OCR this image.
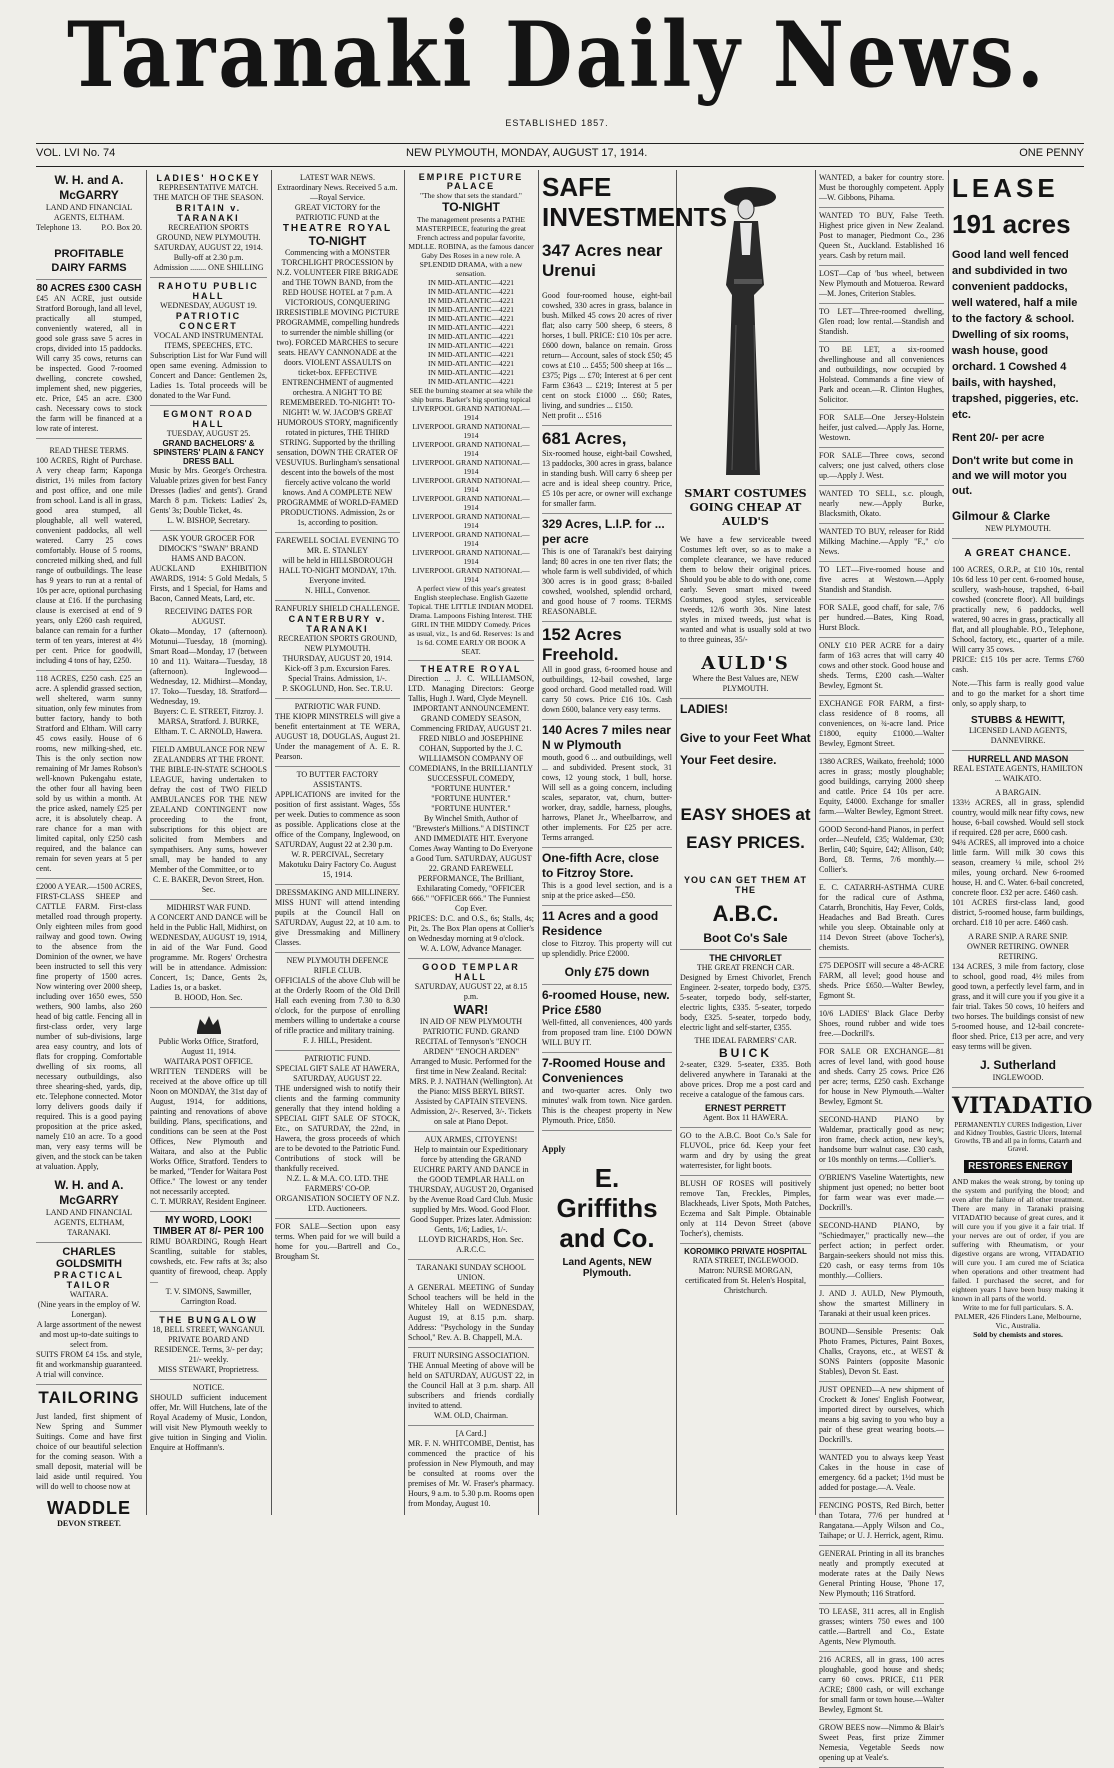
Taranaki Daily News.
ESTABLISHED 1857.
VOL. LVI No. 74	NEW PLYMOUTH, MONDAY, AUGUST 17, 1914.	ONE PENNY

W. H. and A. McGARRY

LAND AND FINANCIAL AGENTS, ELTHAM.

Telephone 13.	P.O. Box 20.

PROFITABLE DAIRY FARMS

80 ACRES £300 CASH

£45 AN ACRE, just outside Stratford Borough, land all level, practically all stumped, conveniently watered, all in good sole grass save 5 acres in crops, divided into 15 paddocks. Will carry 35 cows, returns can be inspected. Good 7-roomed dwelling, concrete cowshed, implement shed, new piggeries, etc. Price, £45 an acre. £300 cash. Necessary cows to stock the farm will be financed at a low rate of interest.

READ THESE TERMS.

100 ACRES, Right of Purchase. A very cheap farm; Kaponga district, 1½ miles from factory and post office, and one mile from school. Land is all in grass, good area stumped, all ploughable, all well watered, convenient paddocks, all well watered. Carry 25 cows comfortably. House of 5 rooms, concreted milking shed, and full range of outbuildings. The lease has 9 years to run at a rental of 10s per acre, optional purchasing clause at £16. If the purchasing clause is exercised at end of 9 years, only £260 cash required, balance can remain for a further term of ten years, interest at 4½ per cent. Price for goodwill, including 4 tons of hay, £250.

118 ACRES, £250 cash. £25 an acre. A splendid grassed section, well sheltered, warm sunny situation, only few minutes from butter factory, handy to both Stratford and Eltham. Will carry 45 cows easily. House of 6 rooms, new milking-shed, etc. This is the only section now remaining of Mr James Robson's well-known Pukengahu estate, the other four all having been sold by us within a month. At the price asked, namely £25 per acre, it is absolutely cheap. A rare chance for a man with limited capital, only £250 cash required, and the balance can remain for seven years at 5 per cent.

£2000 A YEAR.—1500 ACRES, FIRST-CLASS SHEEP and CATTLE FARM. First-class metalled road through property. Only eighteen miles from good railway and good town. Owing to the absence from the Dominion of the owner, we have been instructed to sell this very fine property of 1500 acres. Now wintering over 2000 sheep, including over 1650 ewes, 550 wethers, 900 lambs, also 260 head of big cattle. Fencing all in first-class order, very large number of sub-divisions, large area easy country, and lots of flats for cropping. Comfortable dwelling of six rooms, all necessary outbuildings, also three shearing-shed, yards, dip, etc. Telephone connected. Motor lorry delivers goods daily if required. This is a good paying proposition at the price asked, namely £10 an acre. To a good man, very easy terms will be given, and the stock can be taken at valuation. Apply,

W. H. and A. McGARRY

LAND AND FINANCIAL AGENTS, ELTHAM, TARANAKI.

CHARLES GOLDSMITH

PRACTICAL TAILOR

WAITARA.

(Nine years in the employ of W. Lonergan).

A large assortment of the newest and most up-to-date suitings to select from.

SUITS FROM £4 15s. and style, fit and workmanship guaranteed. A trial will convince.

TAILORING

Just landed, first shipment of New Spring and Summer Suitings. Come and have first choice of our beautiful selection for the coming season. With a small deposit, material will be laid aside until required. You will do well to choose now at

WADDLE

DEVON STREET.

LADIES' HOCKEY

REPRESENTATIVE MATCH.

THE MATCH OF THE SEASON.

BRITAIN v. TARANAKI

RECREATION SPORTS GROUND, NEW PLYMOUTH.

SATURDAY, AUGUST 22, 1914.

Bully-off at 2.30 p.m.

Admission ........ ONE SHILLING

RAHOTU PUBLIC HALL

WEDNESDAY, AUGUST 19.

PATRIOTIC CONCERT

VOCAL AND INSTRUMENTAL ITEMS, SPEECHES, ETC.

Subscription List for War Fund will open same evening. Admission to Concert and Dance: Gentlemen 2s, Ladies 1s. Total proceeds will be donated to the War Fund.

EGMONT ROAD HALL

TUESDAY, AUGUST 25.

GRAND BACHELORS' & SPINSTERS' PLAIN & FANCY DRESS BALL

Music by Mrs. George's Orchestra. Valuable prizes given for best Fancy Dresses (ladies' and gents'). Grand March 8 p.m. Tickets: Ladies' 2s, Gents' 3s; Double Ticket, 4s.

L. W. BISHOP, Secretary.

ASK YOUR GROCER FOR DIMOCK'S "SWAN" BRAND HAMS AND BACON.

AUCKLAND EXHIBITION AWARDS, 1914: 5 Gold Medals, 5 Firsts, and 1 Special, for Hams and Bacon, Canned Meats, Lard, etc.

RECEIVING DATES FOR AUGUST.

Okato—Monday, 17 (afternoon). Motunui—Tuesday, 18 (morning). Smart Road—Monday, 17 (between 10 and 11). Waitara—Tuesday, 18 (afternoon). Inglewood—Wednesday, 12. Midhirst—Monday, 17. Toko—Tuesday, 18. Stratford—Wednesday, 19.

Buyers: C. E. STREET, Fitzroy. J. MARSA, Stratford. J. BURKE, Eltham. T. C. ARNOLD, Hawera.

FIELD AMBULANCE FOR NEW ZEALANDERS AT THE FRONT.

THE BIBLE-IN-STATE SCHOOLS LEAGUE, having undertaken to defray the cost of TWO FIELD AMBULANCES FOR THE NEW ZEALAND CONTINGENT now proceeding to the front, subscriptions for this object are solicited from Members and sympathisers. Any sums, however small, may be handed to any Member of the Committee, or to

C. E. BAKER, Devon Street, Hon. Sec.

MIDHIRST WAR FUND.

A CONCERT AND DANCE will be held in the Public Hall, Midhirst, on WEDNESDAY, AUGUST 19, 1914, in aid of the War Fund. Good programme. Mr. Rogers' Orchestra will be in attendance. Admission: Concert, 1s; Dance, Gents 2s, Ladies 1s, or a basket.

B. HOOD, Hon. Sec.

Public Works Office, Stratford, August 11, 1914.

WAITARA POST OFFICE.

WRITTEN TENDERS will be received at the above office up till Noon on MONDAY, the 31st day of August, 1914, for additions, painting and renovations of above building. Plans, specifications, and conditions can be seen at the Post Offices, New Plymouth and Waitara, and also at the Public Works Office, Stratford. Tenders to be marked, "Tender for Waitara Post Office." The lowest or any tender not necessarily accepted.

C. T. MURRAY, Resident Engineer.

MY WORD, LOOK! TIMBER AT 8/- PER 100

RIMU BOARDING, Rough Heart Scantling, suitable for stables, cowsheds, etc. Few rafts at 3s; also quantity of firewood, cheap. Apply—

T. V. SIMONS, Sawmiller, Carrington Road.

THE BUNGALOW

18, BELL STREET, WANGANUI. PRIVATE BOARD AND RESIDENCE. Terms, 3/- per day; 21/- weekly.

MISS STEWART, Proprietress.

NOTICE.

SHOULD sufficient inducement offer, Mr. Will Hutchens, late of the Royal Academy of Music, London, will visit New Plymouth weekly to give tuition in Singing and Violin. Enquire at Hoffmann's.

LATEST WAR NEWS.

Extraordinary News. Received 5 a.m.—Royal Service.

GREAT VICTORY for the PATRIOTIC FUND at the

THEATRE ROYAL

TO-NIGHT

Commencing with a MONSTER TORCHLIGHT PROCESSION by N.Z. VOLUNTEER FIRE BRIGADE and THE TOWN BAND, from the RED HOUSE HOTEL at 7 p.m. A VICTORIOUS, CONQUERING IRRESISTIBLE MOVING PICTURE PROGRAMME, compelling hundreds to surrender the nimble shilling (or two). FORCED MARCHES to secure seats. HEAVY CANNONADE at the doors. VIOLENT ASSAULTS on ticket-box. EFFECTIVE ENTRENCHMENT of augmented orchestra. A NIGHT TO BE REMEMBERED. TO-NIGHT! TO-NIGHT! W. W. JACOB'S GREAT HUMOROUS STORY, magnificently rotated in pictures, THE THIRD STRING. Supported by the thrilling sensation, DOWN THE CRATER OF VESUVIUS. Burlingham's sensational descent into the bowels of the most fiercely active volcano the world knows. And A COMPLETE NEW PROGRAMME of WORLD-FAMED PRODUCTIONS. Admission, 2s or 1s, according to position.

FAREWELL SOCIAL EVENING TO MR. E. STANLEY

will be held in HILLSBOROUGH HALL TO-NIGHT MONDAY, 17th. Everyone invited.

N. HILL, Convenor.

RANFURLY SHIELD CHALLENGE.

CANTERBURY v. TARANAKI

RECREATION SPORTS GROUND, NEW PLYMOUTH.

THURSDAY, AUGUST 20, 1914.

Kick-off 3 p.m. Excursion Fares. Special Trains. Admission, 1/-.

P. SKOGLUND, Hon. Sec. T.R.U.

PATRIOTIC WAR FUND.

THE KIOPR MINSTRELS will give a benefit entertainment at TE WERA, AUGUST 18, DOUGLAS, August 21. Under the management of A. E. R. Pearson.

TO BUTTER FACTORY ASSISTANTS.

APPLICATIONS are invited for the position of first assistant. Wages, 55s per week. Duties to commence as soon as possible. Applications close at the office of the Company, Inglewood, on SATURDAY, August 22 at 2.30 p.m.

W. R. PERCIVAL, Secretary Makotuku Dairy Factory Co. August 15, 1914.

DRESSMAKING AND MILLINERY.

MISS HUNT will attend intending pupils at the Council Hall on SATURDAY, August 22, at 10 a.m. to give Dressmaking and Millinery Classes.

NEW PLYMOUTH DEFENCE RIFLE CLUB.

OFFICIALS of the above Club will be at the Orderly Room of the Old Drill Hall each evening from 7.30 to 8.30 o'clock, for the purpose of enrolling members willing to undertake a course of rifle practice and military training.

F. J. HILL, President.

PATRIOTIC FUND.

SPECIAL GIFT SALE AT HAWERA, SATURDAY, AUGUST 22.

THE undersigned wish to notify their clients and the farming community generally that they intend holding a SPECIAL GIFT SALE OF STOCK, Etc., on SATURDAY, the 22nd, in Hawera, the gross proceeds of which are to be devoted to the Patriotic Fund. Contributions of stock will be thankfully received.

N.Z. L. & M.A. CO. LTD. THE FARMERS' CO-OP. ORGANISATION SOCIETY OF N.Z. LTD. Auctioneers.

FOR SALE—Section upon easy terms. When paid for we will build a home for you.—Bartrell and Co., Brougham St.

EMPIRE PICTURE PALACE

"The show that sets the standard."

TO-NIGHT

The management presents a PATHE MASTERPIECE, featuring the great French actress and popular favorite, MDLLE. ROBINA, as the famous dancer Gaby Des Roses in a new role. A SPLENDID DRAMA, with a new sensation.

IN MID-ATLANTIC—4221

IN MID-ATLANTIC—4221

IN MID-ATLANTIC—4221

IN MID-ATLANTIC—4221

IN MID-ATLANTIC—4221

IN MID-ATLANTIC—4221

IN MID-ATLANTIC—4221

IN MID-ATLANTIC—4221

IN MID-ATLANTIC—4221

IN MID-ATLANTIC—4221

IN MID-ATLANTIC—4221

IN MID-ATLANTIC—4221

SEE the burning steamer at sea while the ship burns. Barker's big sporting topical

LIVERPOOL GRAND NATIONAL—1914

LIVERPOOL GRAND NATIONAL—1914

LIVERPOOL GRAND NATIONAL—1914

LIVERPOOL GRAND NATIONAL—1914

LIVERPOOL GRAND NATIONAL—1914

LIVERPOOL GRAND NATIONAL—1914

LIVERPOOL GRAND NATIONAL—1914

LIVERPOOL GRAND NATIONAL—1914

LIVERPOOL GRAND NATIONAL—1914

LIVERPOOL GRAND NATIONAL—1914

A perfect view of this year's greatest English steeplechase. English Gazette Topical. THE LITTLE INDIAN MODEL Drama. Lampoons Fishing Interest. THE GIRL IN THE MIDDY Comedy. Prices as usual, viz., 1s and 6d. Reserves: 1s and 1s 6d. COME EARLY OR BOOK A SEAT.

THEATRE ROYAL

Direction ... J. C. WILLIAMSON, LTD. Managing Directors: George Tallis, Hugh J. Ward, Clyde Meynell.

IMPORTANT ANNOUNCEMENT.

GRAND COMEDY SEASON, Commencing FRIDAY, AUGUST 21.

FRED NIBLO and JOSEPHINE COHAN, Supported by the J. C. WILLIAMSON COMPANY OF COMEDIANS, In the BRILLIANTLY SUCCESSFUL COMEDY,

"FORTUNE HUNTER."

"FORTUNE HUNTER."

"FORTUNE HUNTER."

By Winchel Smith, Author of "Brewster's Millions." A DISTINCT AND IMMEDIATE HIT. Everyone Comes Away Wanting to Do Everyone a Good Turn. SATURDAY, AUGUST 22. GRAND FAREWELL PERFORMANCE, The Brilliant, Exhilarating Comedy, "OFFICER 666." "OFFICER 666." The Funniest Cop Ever.

PRICES: D.C. and O.S., 6s; Stalls, 4s; Pit, 2s. The Box Plan opens at Collier's on Wednesday morning at 9 o'clock.

W. A. LOW, Advance Manager.

GOOD TEMPLAR HALL

SATURDAY, AUGUST 22, at 8.15 p.m.

WAR!

IN AID OF NEW PLYMOUTH PATRIOTIC FUND. GRAND RECITAL of Tennyson's "ENOCH ARDEN" "ENOCH ARDEN" Arranged to Music. Performed for the first time in New Zealand. Recital: MRS. P. J. NATHAN (Wellington). At the Piano: MISS BERYL BIRST. Assisted by CAPTAIN STEVENS. Admission, 2/-. Reserved, 3/-. Tickets on sale at Piano Depot.

AUX ARMES, CITOYENS!

Help to maintain our Expeditionary force by attending the GRAND EUCHRE PARTY AND DANCE in the GOOD TEMPLAR HALL on THURSDAY, AUGUST 20, Organised by the Avenue Road Card Club. Music supplied by Mrs. Wood. Good Floor. Good Supper. Prizes later. Admission: Gents, 1/6; Ladies, 1/-.

LLOYD RICHARDS, Hon. Sec. A.R.C.C.

TARANAKI SUNDAY SCHOOL UNION.

A GENERAL MEETING of Sunday School teachers will be held in the Whiteley Hall on WEDNESDAY, August 19, at 8.15 p.m. sharp. Address: "Psychology in the Sunday School," Rev. A. B. Chappell, M.A.

FRUIT NURSING ASSOCIATION.

THE Annual Meeting of above will be held on SATURDAY, AUGUST 22, in the Council Hall at 3 p.m. sharp. All subscribers and friends cordially invited to attend.

W.M. OLD, Chairman.

[A Card.]

MR. F. N. WHITCOMBE, Dentist, has commenced the practice of his profession in New Plymouth, and may be consulted at rooms over the premises of Mr. W. Fraser's pharmacy. Hours, 9 a.m. to 5.30 p.m. Rooms open from Monday, August 10.

SAFE INVESTMENTS

347 Acres near Urenui

Good four-roomed house, eight-bail cowshed, 330 acres in grass, balance in bush. Milked 45 cows 20 acres of river flat; also carry 500 sheep, 6 steers, 8 horses, 1 bull. PRICE: £10 10s per acre. £600 down, balance on remain. Gross return— Account, sales of stock £50; 45 cows at £10 ... £455; 500 sheep at 16s ... £375; Pigs ... £70; Interest at 6 per cent Farm £3643 ... £219; Interest at 5 per cent on stock £1000 ... £60; Rates, living, and sundries ... £150.

Nett profit ... £516

681 Acres,

Six-roomed house, eight-bail Cowshed, 13 paddocks, 300 acres in grass, balance in standing bush. Will carry 6 sheep per acre and is ideal sheep country. Price, £5 10s per acre, or owner will exchange for smaller farm.

329 Acres, L.I.P. for ... per acre

This is one of Taranaki's best dairying land; 80 acres in one ten river flats; the whole farm is well subdivided, of which 300 acres is in good grass; 8-bailed cowshed, woolshed, splendid orchard, and good house of 7 rooms. TERMS REASONABLE.

152 Acres Freehold.

All in good grass, 6-roomed house and outbuildings, 12-bail cowshed, large good orchard. Good metalled road. Will carry 50 cows. Price £16 10s. Cash down £600, balance very easy terms.

140 Acres 7 miles near N w Plymouth

mouth, good 6 ... and outbuildings, well ... and subdivided. Present stock, 31 cows, 12 young stock, 1 bull, horse. Will sell as a going concern, including scales, separator, vat, churn, butter-worker, dray, saddle, harness, ploughs, harrows, Planet Jr., Wheelbarrow, and other implements. For £25 per acre. Terms arranged.

One-fifth Acre, close to Fitzroy Store.

This is a good level section, and is a snip at the price asked—£50.

11 Acres and a good Residence

close to Fitzroy. This property will cut up splendidly. Price £2000.

Only £75 down

6-roomed House, new. Price £580

Well-fitted, all conveniences, 400 yards from proposed tram line. £100 DOWN WILL BUY IT.

7-Roomed House and Conveniences

and two-quarter acres. Only two minutes' walk from town. Nice garden. This is the cheapest property in New Plymouth. Price, £850.

Apply

E. Griffiths and Co.

Land Agents, NEW Plymouth.

SMART COSTUMES GOING CHEAP AT AULD'S

We have a few serviceable tweed Costumes left over, so as to make a complete clearance, we have reduced them to below their original prices. Should you be able to do with one, come early. Seven smart mixed tweed Costumes, good styles, serviceable tweeds, 12/6 worth 30s. Nine latest styles in mixed tweeds, just what is wanted and what is usually sold at two to three guineas, 35/-

AULD'S

Where the Best Values are, NEW PLYMOUTH.

LADIES!

Give to your Feet What Your Feet desire.

EASY SHOES at EASY PRICES.

YOU CAN GET THEM AT THE

A.B.C.

Boot Co's Sale

THE CHIVORLET

THE GREAT FRENCH CAR.

Designed by Ernest Chivorlet, French Engineer. 2-seater, torpedo body, £375. 5-seater, torpedo body, self-starter, electric lights, £335. 5-seater, torpedo body, £325. 5-seater, torpedo body, electric light and self-starter, £355.

THE IDEAL FARMERS' CAR.

BUICK

2-seater, £329. 5-seater, £335. Both delivered anywhere in Taranaki at the above prices. Drop me a post card and receive a catalogue of the famous cars.

ERNEST PERRETT

Agent. Box 11 HAWERA.

GO to the A.B.C. Boot Co.'s Sale for FLUVOL, price 6d. Keep your feet warm and dry by using the great waterresister, for light boots.

BLUSH OF ROSES will positively remove Tan, Freckles, Pimples, Blackheads, Liver Spots, Moth Patches, Eczema and Salt Pimple. Obtainable only at 114 Devon Street (above Tocher's), chemists.

KOROMIKO PRIVATE HOSPITAL

RATA STREET, INGLEWOOD. Matron: NURSE MORGAN, certificated from St. Helen's Hospital, Christchurch.

WANTED, a baker for country store. Must be thoroughly competent. Apply—W. Gibbons, Pihama.

WANTED TO BUY, False Teeth. Highest price given in New Zealand. Post to manager, Piedmont Co., 236 Queen St., Auckland. Established 16 years. Cash by return mail.

LOST—Cap of 'bus wheel, between New Plymouth and Motueroa. Reward—M. Jones, Criterion Stables.

TO LET—Three-roomed dwelling, Glen road; low rental.—Standish and Standish.

TO BE LET, a six-roomed dwellinghouse and all conveniences and outbuildings, now occupied by Holstead. Commands a fine view of Park and ocean.—R. Clinton Hughes, Solicitor.

FOR SALE—One Jersey-Holstein heifer, just calved.—Apply Jas. Horne, Westown.

FOR SALE—Three cows, second calvers; one just calved, others close up.—Apply J. West.

WANTED TO SELL, s.c. plough, nearly new.—Apply Burke, Blacksmith, Okato.

WANTED TO BUY, releaser for Ridd Milking Machine.—Apply "F.," c/o News.

TO LET—Five-roomed house and five acres at Westown.—Apply Standish and Standish.

FOR SALE, good chaff, for sale, 7/6 per hundred.—Bates, King Road, Hurst Block.

ONLY £10 PER ACRE for a dairy farm of 163 acres that will carry 40 cows and other stock. Good house and sheds. Terms, £200 cash.—Walter Bewley, Egmont St.

EXCHANGE FOR FARM, a first-class residence of 8 rooms, all conveniences, on ¾-acre land. Price £1800, equity £1000.—Walter Bewley, Egmont Street.

1380 ACRES, Waikato, freehold; 1000 acres in grass; mostly ploughable; good buildings, carrying 2000 sheep and cattle. Price £4 10s per acre. Equity, £4000. Exchange for smaller farm.—Walter Bewley, Egmont Street.

GOOD Second-hand Pianos, in perfect order—Neufeld, £35; Waldemar, £30; Berlin, £40; Squire, £42; Allison, £40; Bord, £8. Terms, 7/6 monthly.—Collier's.

E. C. CATARRH-ASTHMA CURE for the radical cure of Asthma, Catarrh, Bronchitis, Hay Fever, Colds, Headaches and Bad Breath. Cures while you sleep. Obtainable only at 114 Devon Street (above Tocher's), chemists.

£75 DEPOSIT will secure a 48-ACRE FARM, all level; good house and sheds. Price £650.—Walter Bewley, Egmont St.

10/6 LADIES' Black Glace Derby Shoes, round rubber and wide toes free.—Dockrill's.

FOR SALE OR EXCHANGE—81 acres of level land, with good house and sheds. Carry 25 cows. Price £26 per acre; terms, £250 cash. Exchange for house in New Plymouth.—Walter Bewley, Egmont St.

SECOND-HAND PIANO by Waldemar, practically good as new; iron frame, check action, new key's, handsome burr walnut case. £30 cash, or 10s monthly on terms.—Collier's.

O'BRIEN'S Vaseline Watertights, new shipment just opened; no better boot for farm wear was ever made.—Dockrill's.

SECOND-HAND PIANO, by "Schiedmayer," practically new—the perfect action; in perfect order. Bargain-seekers should not miss this. £20 cash, or easy terms from 10s monthly.—Colliers.

J. AND J. AULD, New Plymouth, show the smartest Millinery in Taranaki at their usual keen prices.

BOUND—Sensible Presents: Oak Photo Frames, Pictures, Paint Boxes, Chalks, Crayons, etc., at WEST & SONS Painters (opposite Masonic Stables), Devon St. East.

JUST OPENED—A new shipment of Crockett & Jones' English Footwear, imported direct by ourselves, which means a big saving to you who buy a pair of these great wearing boots.—Dockrill's.

WANTED you to always keep Yeast Cakes in the house in case of emergency. 6d a packet; 1½d must be added for postage.—A. Veale.

FENCING POSTS, Red Birch, better than Totara, 77/6 per hundred at Rangatana.—Apply Wilson and Co., Taihape; or U. J. Herrick, agent, Rimu.

GENERAL Printing in all its branches neatly and promptly executed at moderate rates at the Daily News General Printing House, 'Phone 17, New Plymouth; 116 Stratford.

TO LEASE, 311 acres, all in English grasses; winters 750 ewes and 100 cattle.—Bartrell and Co., Estate Agents, New Plymouth.

216 ACRES, all in grass, 100 acres ploughable, good house and sheds; carry 60 cows. PRICE, £11 PER ACRE; £800 cash, or will exchange for small farm or town house.—Walter Bewley, Egmont St.

GROW BEES now—Nimmo & Blair's Sweet Peas, first prize Zimmer Nemesia, Vegetable Seeds now opening up at Veale's.

LEASE

191 acres

Good land well fenced and subdivided in two convenient paddocks, well watered, half a mile to the factory & school. Dwelling of six rooms, wash house, good orchard. 1 Cowshed 4 bails, with hayshed, trapshed, piggeries, etc. etc.

Rent 20/- per acre

Don't write but come in and we will motor you out.

Gilmour & Clarke

NEW PLYMOUTH.

A GREAT CHANCE.

100 ACRES, O.R.P., at £10 10s, rental 10s 6d less 10 per cent. 6-roomed house, scullery, wash-house, trapshed, 6-bail cowshed (concrete floor). All buildings practically new, 6 paddocks, well watered, 90 acres in grass, practically all flat, and all ploughable. P.O., Telephone, School, factory, etc., quarter of a mile. Will carry 35 cows.

PRICE: £15 10s per acre. Terms £760 cash.

Note.—This farm is really good value and to go the market for a short time only, so apply sharp, to

STUBBS & HEWITT,

LICENSED LAND AGENTS, DANNEVIRKE.

HURRELL AND MASON

REAL ESTATE AGENTS, HAMILTON ... WAIKATO.

A BARGAIN.

133½ ACRES, all in grass, splendid country, would milk near fifty cows, new house, 6-bail cowshed. Would sell stock if required. £28 per acre, £600 cash.

94¾ ACRES, all improved into a choice little farm. Will milk 30 cows this season, creamery ¼ mile, school 2½ miles, young orchard. New 6-roomed house, H. and C. Water. 6-bail concreted, concrete floor. £32 per acre. £460 cash.

101 ACRES first-class land, good district, 5-roomed house, farm buildings, orchard. £18 10 per acre. £460 cash.

A RARE SNIP. A RARE SNIP.

OWNER RETIRING. OWNER RETIRING.

134 ACRES, 3 mile from factory, close to school, good road, 4½ miles from good town, a perfectly level farm, and in grass, and it will cure you if you give it a fair trial. Takes 50 cows, 10 heifers and two horses. The buildings consist of new 5-roomed house, and 12-bail concrete-floor shed. Price, £13 per acre, and very easy terms will be given.

J. Sutherland

INGLEWOOD.

VITADATIO

PERMANENTLY CURES Indigestion, Liver and Kidney Troubles, Gastric Ulcers, Internal Growths, TB and all pa in forms, Catarrh and Gravel.

RESTORES ENERGY

AND makes the weak strong, by toning up the system and purifying the blood; and even after the failure of all other treatment. There are many in Taranaki praising VITADATIO because of great cures, and it will cure you if you give it a fair trial. If your nerves are out of order, if you are suffering with Rheumatism, or your digestive organs are wrong, VITADATIO will cure you. I am cured me of Sciatica when operations and other treatment had failed. I purchased the secret, and for eighteen years I have been busy making it known in all parts of the world.

Write to me for full particulars. S. A. PALMER, 426 Flinders Lane, Melbourne, Vic., Australia.

Sold by chemists and stores.
